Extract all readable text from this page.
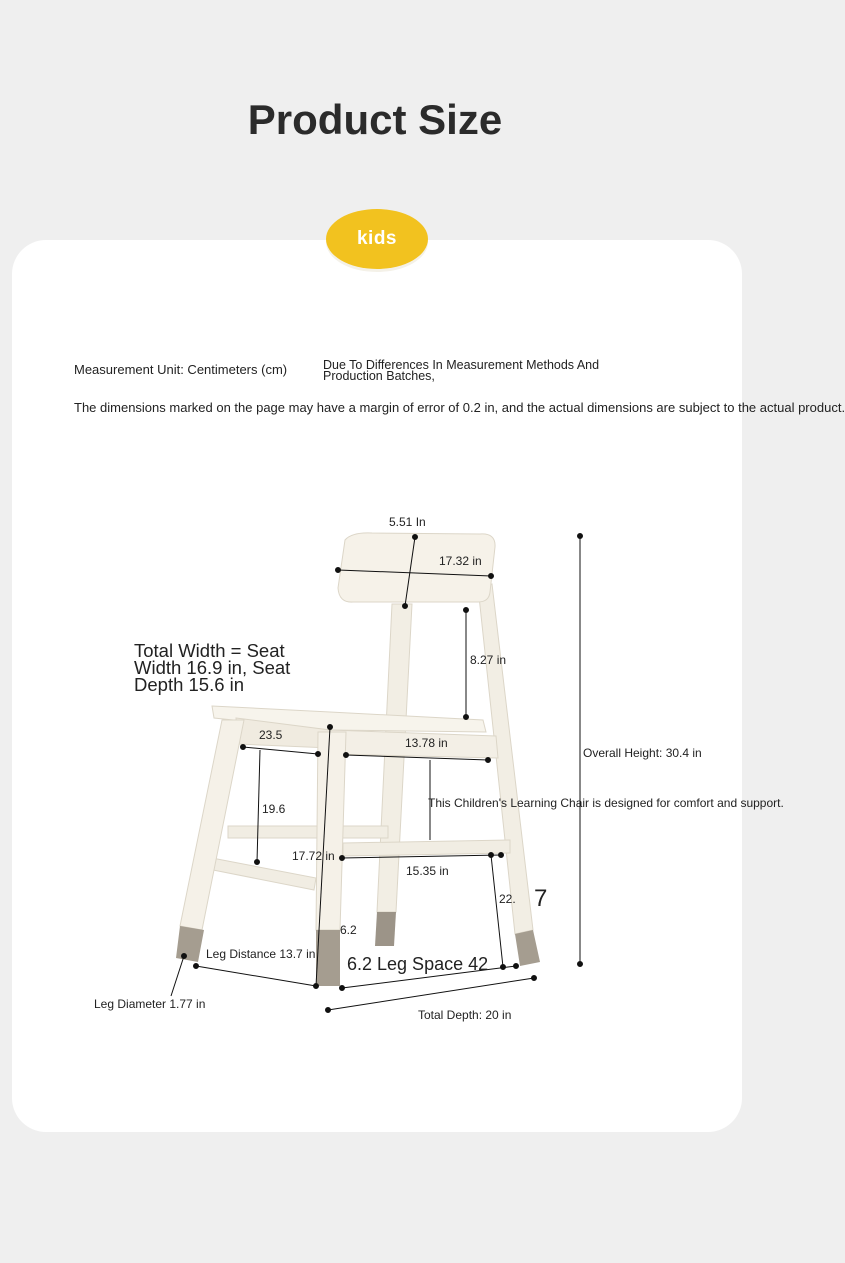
Product Size
kids
Measurement Unit: Centimeters (cm)	Due To Differences In Measurement Methods And Production Batches,
The dimensions marked on the page may have a margin of error of 0.2 in, and the actual dimensions are subject to the actual product.
5.51 In
17.32 in
8.27 in
Total Width = Seat Width 16.9 in, Seat Depth 15.6 in
23.5
13.78 in
Overall Height: 30.4 in
19.6	This Children's Learning Chair is designed for comfort and support.
17.72 in
15.35 in
22. 7
6.2
Leg Distance 13.7 in 6.2 Leg Space 42
Leg Diameter 1.77 in
Total Depth: 20 in
